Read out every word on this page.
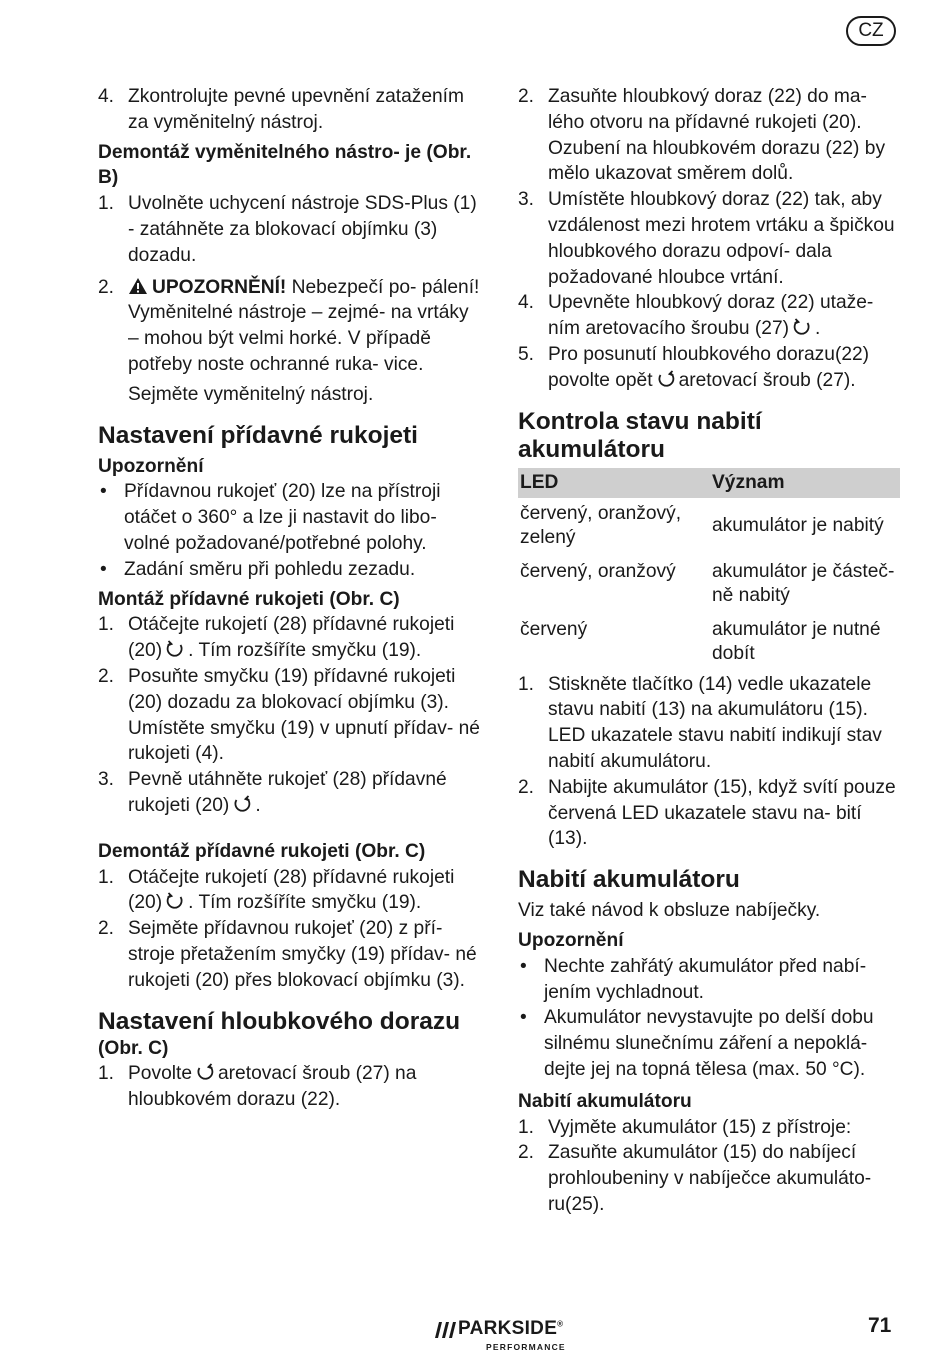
CZ

4. Zkontrolujte pevné upevnění zatažením za vyměnitelný nástroj.

Demontáž vyměnitelného nástro- je (Obr. B)

1. Uvolněte uchycení nástroje SDS-Plus (1) - zatáhněte za blokovací objímku (3) dozadu.

2. UPOZORNĚNÍ! Nebezpečí po- pálení! Vyměnitelné nástroje – zejmé- na vrtáky – mohou být velmi horké. V případě potřeby noste ochranné ruka- vice.

Sejměte vyměnitelný nástroj.

Nastavení přídavné rukojeti

Upozornění

• Přídavnou rukojeť (20) lze na přístroji otáčet o 360° a lze ji nastavit do libo- volné požadované/potřebné polohy.

• Zadání směru při pohledu zezadu.

Montáž přídavné rukojeti (Obr. C)

1. Otáčejte rukojetí (28) přídavné rukojeti (20) . Tím rozšíříte smyčku (19).

2. Posuňte smyčku (19) přídavné rukojeti (20) dozadu za blokovací objímku (3). Umístěte smyčku (19) v upnutí přídav- né rukojeti (4).

3. Pevně utáhněte rukojeť (28) přídavné rukojeti (20) .

Demontáž přídavné rukojeti (Obr. C)

1. Otáčejte rukojetí (28) přídavné rukojeti (20) . Tím rozšíříte smyčku (19).

2. Sejměte přídavnou rukojeť (20) z pří- stroje přetažením smyčky (19) přídav- né rukojeti (20) přes blokovací objímku (3).

Nastavení hloubkového dorazu

(Obr. C)

1. Povolte aretovací šroub (27) na hloubkovém dorazu (22).

2. Zasuňte hloubkový doraz (22) do ma- lého otvoru na přídavné rukojeti (20). Ozubení na hloubkovém dorazu (22) by mělo ukazovat směrem dolů.

3. Umístěte hloubkový doraz (22) tak, aby vzdálenost mezi hrotem vrtáku a špičkou hloubkového dorazu odpoví- dala požadované hloubce vrtání.

4. Upevněte hloubkový doraz (22) utaže- ním aretovacího šroubu (27) .

5. Pro posunutí hloubkového dorazu(22) povolte opět aretovací šroub (27).

Kontrola stavu nabití akumulátoru

LED	Význam
červený, oranžový, zelený	akumulátor je nabitý
červený, oranžový	akumulátor je částeč- ně nabitý
červený	akumulátor je nutné dobít

1. Stiskněte tlačítko (14) vedle ukazatele stavu nabití (13) na akumulátoru (15).

LED ukazatele stavu nabití indikují stav nabití akumulátoru.

2. Nabijte akumulátor (15), když svítí pouze červená LED ukazatele stavu na- bití (13).

Nabití akumulátoru

Viz také návod k obsluze nabíječky.

Upozornění

• Nechte zahřátý akumulátor před nabí- jením vychladnout.

• Akumulátor nevystavujte po delší dobu silnému slunečnímu záření a nepoklá- dejte jej na topná tělesa (max. 50 °C).

Nabití akumulátoru

1. Vyjměte akumulátor (15) z přístroje:

2. Zasuňte akumulátor (15) do nabíjecí prohloubeniny v nabíječce akumuláto- ru(25).

PARKSIDE®
PERFORMANCE
71
